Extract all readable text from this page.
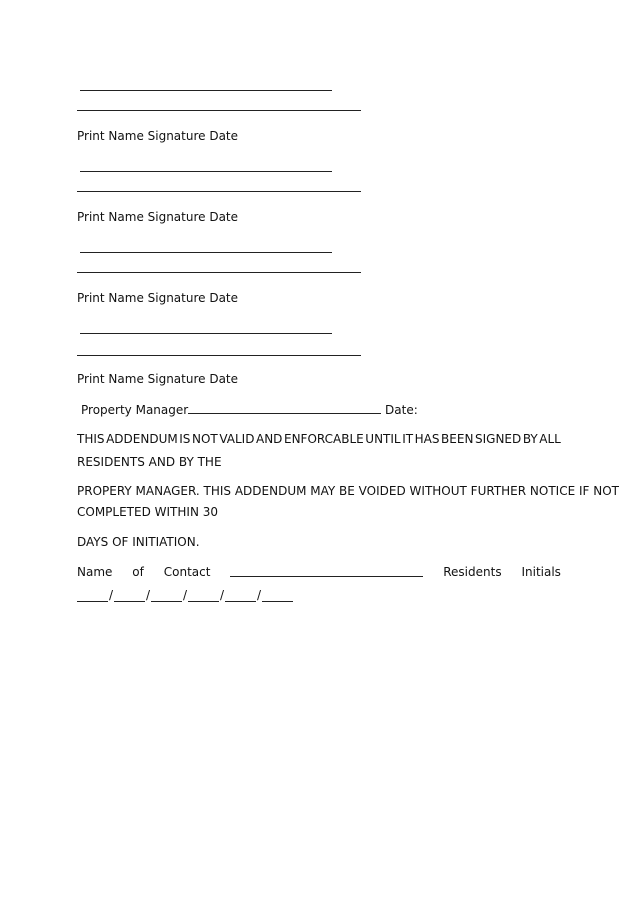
Print Name Signature Date
Print Name Signature Date
Print Name Signature Date
Print Name Signature Date
Property Manager	Date:
THIS ADDENDUM IS NOT VALID AND ENFORCABLE UNTIL IT HAS BEEN SIGNED BY ALL
RESIDENTS AND BY THE
PROPERY MANAGER. THIS ADDENDUM MAY BE VOIDED WITHOUT FURTHER NOTICE IF NOT
COMPLETED WITHIN 30
DAYS OF INITIATION.
Name of Contact	Residents Initials
/	/	/	/	/
